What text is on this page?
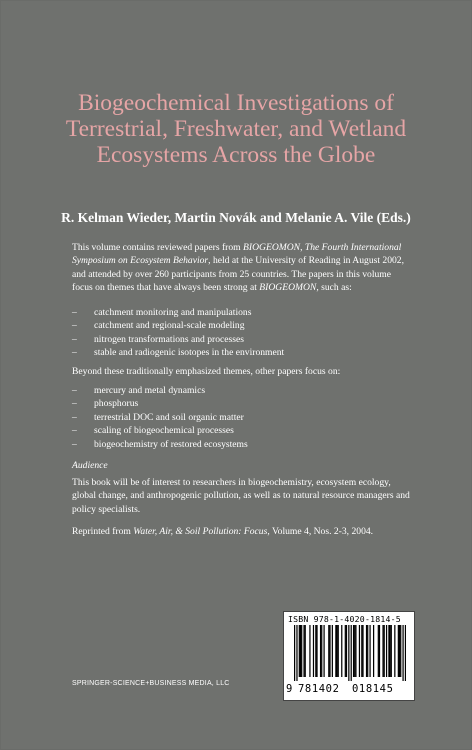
Biogeochemical Investigations of Terrestrial, Freshwater, and Wetland Ecosystems Across the Globe

R. Kelman Wieder, Martin Novák and Melanie A. Vile (Eds.)

This volume contains reviewed papers from BIOGEOMON, The Fourth International Symposium on Ecosystem Behavior, held at the University of Reading in August 2002, and attended by over 260 participants from 25 countries. The papers in this volume focus on themes that have always been strong at BIOGEOMON, such as:

– catchment monitoring and manipulations
– catchment and regional-scale modeling
– nitrogen transformations and processes
– stable and radiogenic isotopes in the environment

Beyond these traditionally emphasized themes, other papers focus on:

– mercury and metal dynamics
– phosphorus
– terrestrial DOC and soil organic matter
– scaling of biogeochemical processes
– biogeochemistry of restored ecosystems

Audience

This book will be of interest to researchers in biogeochemistry, ecosystem ecology, global change, and anthropogenic pollution, as well as to natural resource managers and policy specialists.

Reprinted from Water, Air, & Soil Pollution: Focus, Volume 4, Nos. 2-3, 2004.

ISBN 978-1-4020-1814-5
9 781402 018145

SPRINGER-SCIENCE+BUSINESS MEDIA, LLC
